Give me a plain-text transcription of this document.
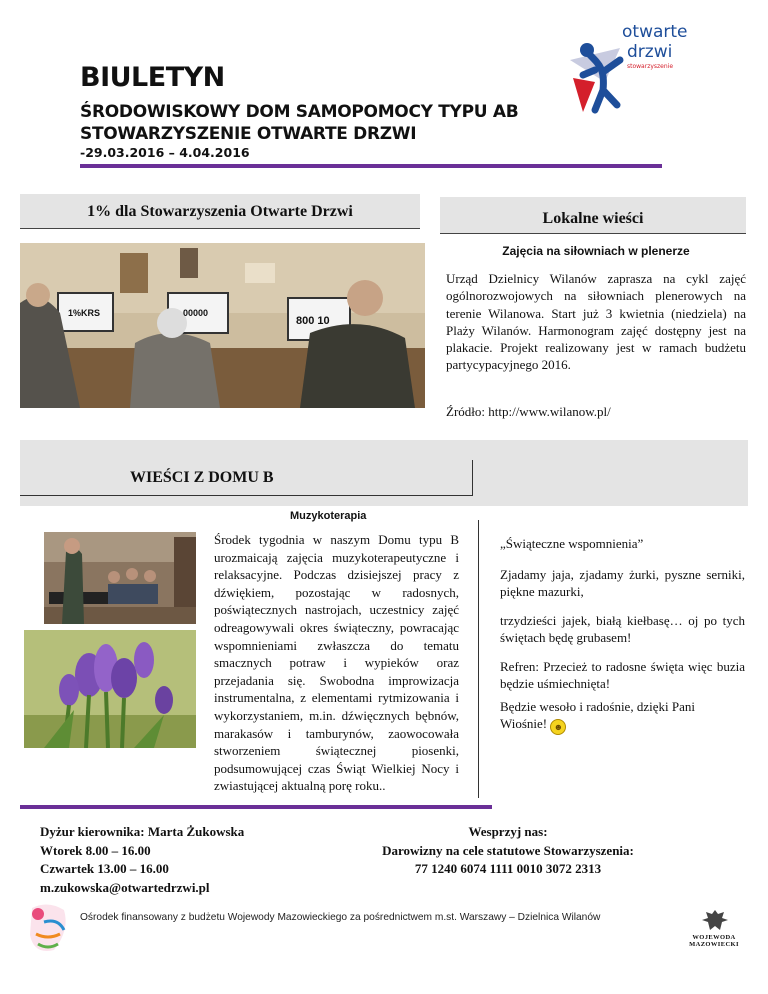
BIULETYN
ŚRODOWISKOWY DOM SAMOPOMOCY TYPU AB
STOWARZYSZENIE OTWARTE DRZWI
-29.03.2016 – 4.04.2016
otwarte
drzwi
stowarzyszenie
1% dla Stowarzyszenia Otwarte Drzwi	Lokalne wieści
1%KRS	00000
800 10
Zajęcia na siłowniach w plenerze
Urząd Dzielnicy Wilanów zaprasza na cykl zajęć ogólnorozwojowych na siłowniach plenerowych na terenie Wilanowa. Start już 3 kwietnia (niedziela) na Plaży Wilanów. Harmonogram zajęć dostępny jest na plakacie. Projekt realizowany jest w ramach budżetu partycypacyjnego 2016.
Źródło: http://www.wilanow.pl/
WIEŚCI Z DOMU B
Muzykoterapia
Środek tygodnia w naszym Domu typu B urozmaicają zajęcia muzykoterapeutyczne i relaksacyjne. Podczas dzisiejszej pracy z dźwiękiem, pozostając w radosnych, poświątecznych nastrojach, uczestnicy zajęć odreagowywali okres świąteczny, powracając wspomnieniami zwłaszcza do tematu smacznych potraw i wypieków oraz przejadania się. Swobodna improwizacja instrumentalna, z elementami rytmizowania i wykorzystaniem, m.in. dźwięcznych bębnów, marakasów i tamburynów, zaowocowała stworzeniem świątecznej piosenki, podsumowującej czas Świąt Wielkiej Nocy i zwiastującej aktualną porę roku..
„Świąteczne wspomnienia”
Zjadamy jaja, zjadamy żurki, pyszne serniki, piękne mazurki,
trzydzieści jajek, białą kiełbasę… oj po tych świętach będę grubasem!
Refren: Przecież to radosne święta więc buzia będzie uśmiechnięta!
Będzie wesoło i radośnie, dzięki Pani Wiośnie! ☻
Dyżur kierownika: Marta Żukowska
Wtorek 8.00 – 16.00
Czwartek 13.00 – 16.00
m.zukowska@otwartedrzwi.pl
Wesprzyj nas:
Darowizny na cele statutowe Stowarzyszenia:
77 1240 6074 1111 0010 3072 2313
Ośrodek finansowany z budżetu Wojewody Mazowieckiego za pośrednictwem m.st. Warszawy – Dzielnica Wilanów
WOJEWODA MAZOWIECKI
